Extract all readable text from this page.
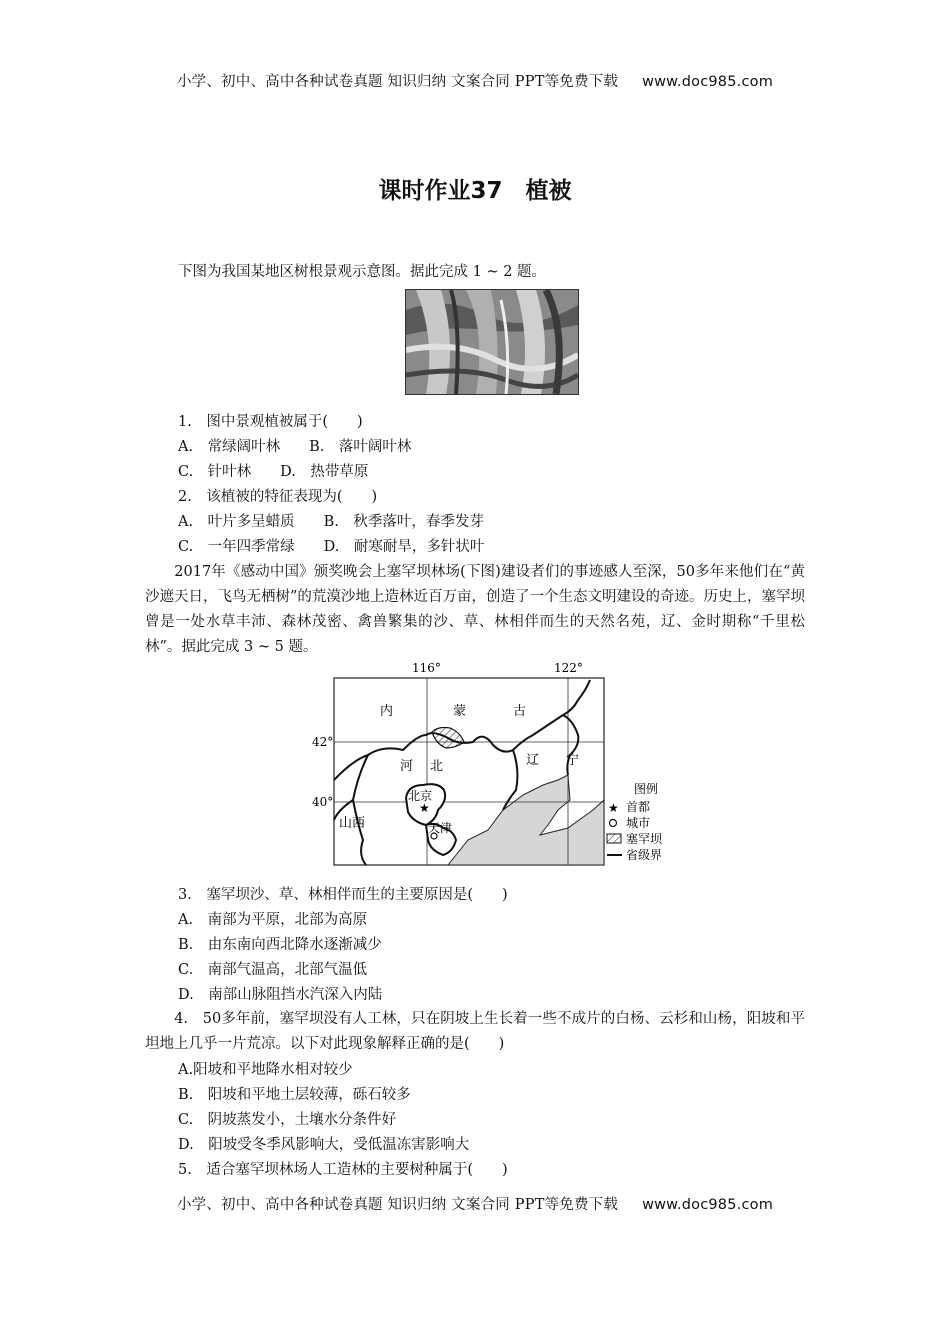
小学、初中、高中各种试卷真题 知识归纳 文案合同 PPT等免费下载 www.doc985.com
课时作业37　植被
下图为我国某地区树根景观示意图。据此完成 1 ~ 2 题。
1.　图中景观植被属于(　　)
A.　常绿阔叶林　　B.　落叶阔叶林
C.　针叶林　　D.　热带草原
2.　该植被的特征表现为(　　)
A.　叶片多呈蜡质　　B.　秋季落叶，春季发芽
C.　一年四季常绿　　D.　耐寒耐旱，多针状叶
　　2017年《感动中国》颁奖晚会上塞罕坝林场(下图)建设者们的事迹感人至深，50多年来他们在“黄沙遮天日，飞鸟无栖树”的荒漠沙地上造林近百万亩，创造了一个生态文明建设的奇迹。历史上，塞罕坝曾是一处水草丰沛、森林茂密、禽兽繁集的沙、草、林相伴而生的天然名苑，辽、金时期称“千里松林”。据此完成 3 ~ 5 题。
★
116°	122°
42°
40°
内	蒙	古
河 北	辽 宁
山西
北京
天津
图例
★ 首都
城市
塞罕坝
省级界
3.　塞罕坝沙、草、林相伴而生的主要原因是(　　)
A.　南部为平原，北部为高原
B.　由东南向西北降水逐渐减少
C.　南部气温高，北部气温低
D.　南部山脉阻挡水汽深入内陆
　　4.　50多年前，塞罕坝没有人工林，只在阴坡上生长着一些不成片的白杨、云杉和山杨，阳坡和平坦地上几乎一片荒凉。以下对此现象解释正确的是(　　)
A.阳坡和平地降水相对较少
B.　阳坡和平地土层较薄，砾石较多
C.　阴坡蒸发小，土壤水分条件好
D.　阳坡受冬季风影响大，受低温冻害影响大
5.　适合塞罕坝林场人工造林的主要树种属于(　　)
小学、初中、高中各种试卷真题 知识归纳 文案合同 PPT等免费下载 www.doc985.com
